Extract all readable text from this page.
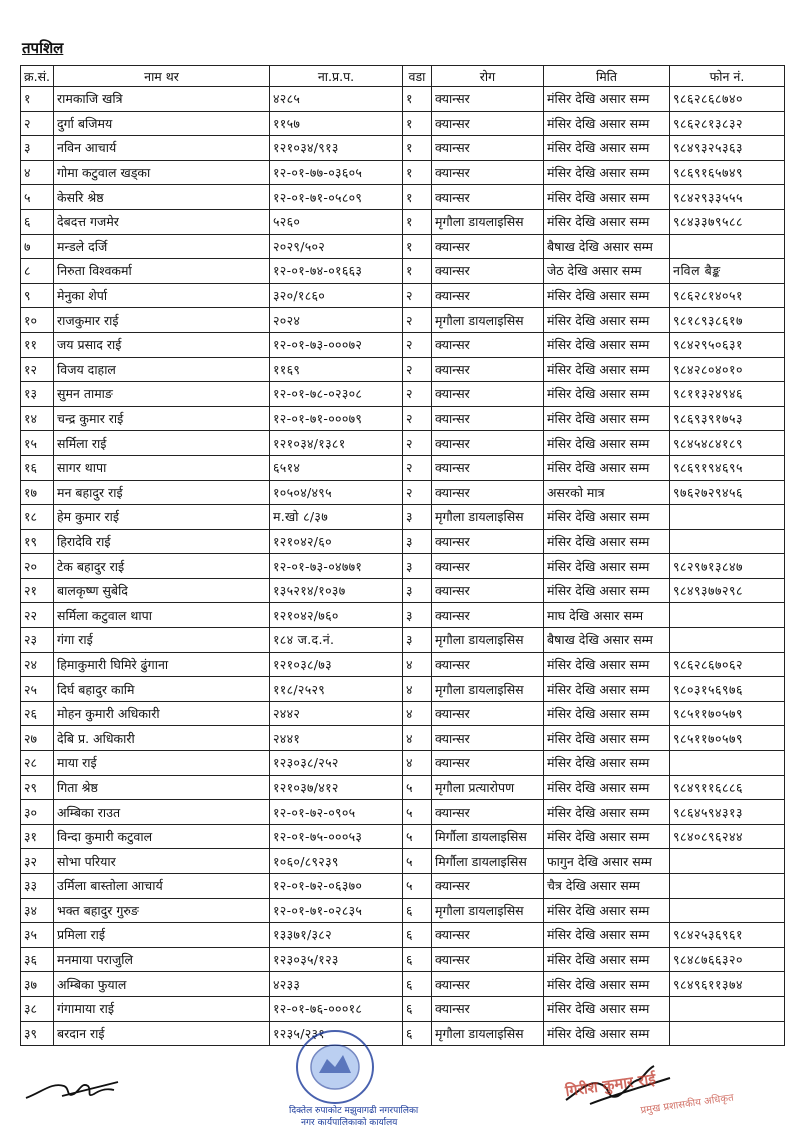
तपशिल
क्र.सं.	नाम थर	ना.प्र.प.	वडा	रोग	मिति	फोन नं.
१	रामकाजि खत्रि	४२८५	१	क्यान्सर	मंसिर देखि असार सम्म	९८६२८६८७४०
२	दुर्गा बजिमय	११५७	१	क्यान्सर	मंसिर देखि असार सम्म	९८६२८१३८३२
३	नविन आचार्य	१२१०३४/९१३	१	क्यान्सर	मंसिर देखि असार सम्म	९८४९३२५३६३
४	गोमा कटुवाल खड्का	१२-०१-७७-०३६०५	१	क्यान्सर	मंसिर देखि असार सम्म	९८६९१६५७४९
५	केसरि श्रेष्ठ	१२-०१-७१-०५८०९	१	क्यान्सर	मंसिर देखि असार सम्म	९८४२९३३५५५
६	देबदत्त गजमेर	५२६०	१	मृगौला डायलाइसिस	मंसिर देखि असार सम्म	९८४३३७९५८८
७	मन्डले दर्जि	२०२९/५०२	१	क्यान्सर	बैषाख देखि असार सम्म	
८	निरुता विश्वकर्मा	१२-०१-७४-०१६६३	१	क्यान्सर	जेठ देखि असार सम्म	नविल बैङ्क
९	मेनुका शेर्पा	३२०/१८६०	२	क्यान्सर	मंसिर देखि असार सम्म	९८६२८१४०५१
१०	राजकुमार राई	२०२४	२	मृगौला डायलाइसिस	मंसिर देखि असार सम्म	९८१८९३८६१७
११	जय प्रसाद राई	१२-०१-७३-०००७२	२	क्यान्सर	मंसिर देखि असार सम्म	९८४२९५०६३१
१२	विजय दाहाल	११६९	२	क्यान्सर	मंसिर देखि असार सम्म	९८४२८०४०१०
१३	सुमन तामाङ	१२-०१-७८-०२३०८	२	क्यान्सर	मंसिर देखि असार सम्म	९८११३२४९४६
१४	चन्द्र कुमार राई	१२-०१-७१-०००७९	२	क्यान्सर	मंसिर देखि असार सम्म	९८६९३९१७५३
१५	सर्मिला राई	१२१०३४/१३८१	२	क्यान्सर	मंसिर देखि असार सम्म	९८४५४८४१८९
१६	सागर थापा	६५१४	२	क्यान्सर	मंसिर देखि असार सम्म	९८६९१९४६९५
१७	मन बहादुर राई	१०५०४/४९५	२	क्यान्सर	असरको मात्र	९७६२७२९४५६
१८	हेम कुमार राई	म.खो ८/३७	३	मृगौला डायलाइसिस	मंसिर देखि असार सम्म	
१९	हिरादेवि राई	१२१०४२/६०	३	क्यान्सर	मंसिर देखि असार सम्म	
२०	टेक बहादुर राई	१२-०१-७३-०४७७१	३	क्यान्सर	मंसिर देखि असार सम्म	९८२९७१३८४७
२१	बालकृष्ण सुबेदि	१३५२१४/१०३७	३	क्यान्सर	मंसिर देखि असार सम्म	९८४९३७७२९८
२२	सर्मिला कटुवाल थापा	१२१०४२/७६०	३	क्यान्सर	माघ देखि असार सम्म	
२३	गंगा राई	१८४ ज.द.नं.	३	मृगौला डायलाइसिस	बैषाख देखि असार सम्म	
२४	हिमाकुमारी घिमिरे ढुंगाना	१२१०३८/७३	४	क्यान्सर	मंसिर देखि असार सम्म	९८६२८६७०६२
२५	दिर्घ बहादुर कामि	११८/२५२९	४	मृगौला डायलाइसिस	मंसिर देखि असार सम्म	९८०३१५६९७६
२६	मोहन कुमारी अधिकारी	२४४२	४	क्यान्सर	मंसिर देखि असार सम्म	९८५११७०५७९
२७	देबि प्र. अधिकारी	२४४१	४	क्यान्सर	मंसिर देखि असार सम्म	९८५११७०५७९
२८	माया राई	१२३०३८/२५२	४	क्यान्सर	मंसिर देखि असार सम्म	
२९	गिता श्रेष्ठ	१२१०३७/४१२	५	मृगौला प्रत्यारोपण	मंसिर देखि असार सम्म	९८४९११६८८६
३०	अम्बिका राउत	१२-०१-७२-०९०५	५	क्यान्सर	मंसिर देखि असार सम्म	९८६४५९४३१३
३१	विन्दा कुमारी कटुवाल	१२-०१-७५-०००५३	५	मिर्गौला डायलाइसिस	मंसिर देखि असार सम्म	९८४०८९६२४४
३२	सोभा परियार	१०६०/८९२३९	५	मिर्गौला डायलाइसिस	फागुन देखि असार सम्म	
३३	उर्मिला बास्तोला आचार्य	१२-०१-७२-०६३७०	५	क्यान्सर	चैत्र देखि असार सम्म	
३४	भक्त बहादुर गुरुङ	१२-०१-७१-०२८३५	६	मृगौला डायलाइसिस	मंसिर देखि असार सम्म	
३५	प्रमिला राई	१३३७१/३८२	६	क्यान्सर	मंसिर देखि असार सम्म	९८४२५३६९६१
३६	मनमाया पराजुलि	१२३०३५/१२३	६	क्यान्सर	मंसिर देखि असार सम्म	९८४८७६६३२०
३७	अम्बिका फुयाल	४२३३	६	क्यान्सर	मंसिर देखि असार सम्म	९८४९६११३७४
३८	गंगामाया राई	१२-०१-७६-०००१८	६	क्यान्सर	मंसिर देखि असार सम्म	
३९	बरदान राई	१२३५/२३१	६	मृगौला डायलाइसिस	मंसिर देखि असार सम्म	
दिक्तेल रुपाकोट मझुवागढी नगरपालिका
नगर कार्यपालिकाको कार्यालय
गिरीश कुमार राई
प्रमुख प्रशासकीय अधिकृत
